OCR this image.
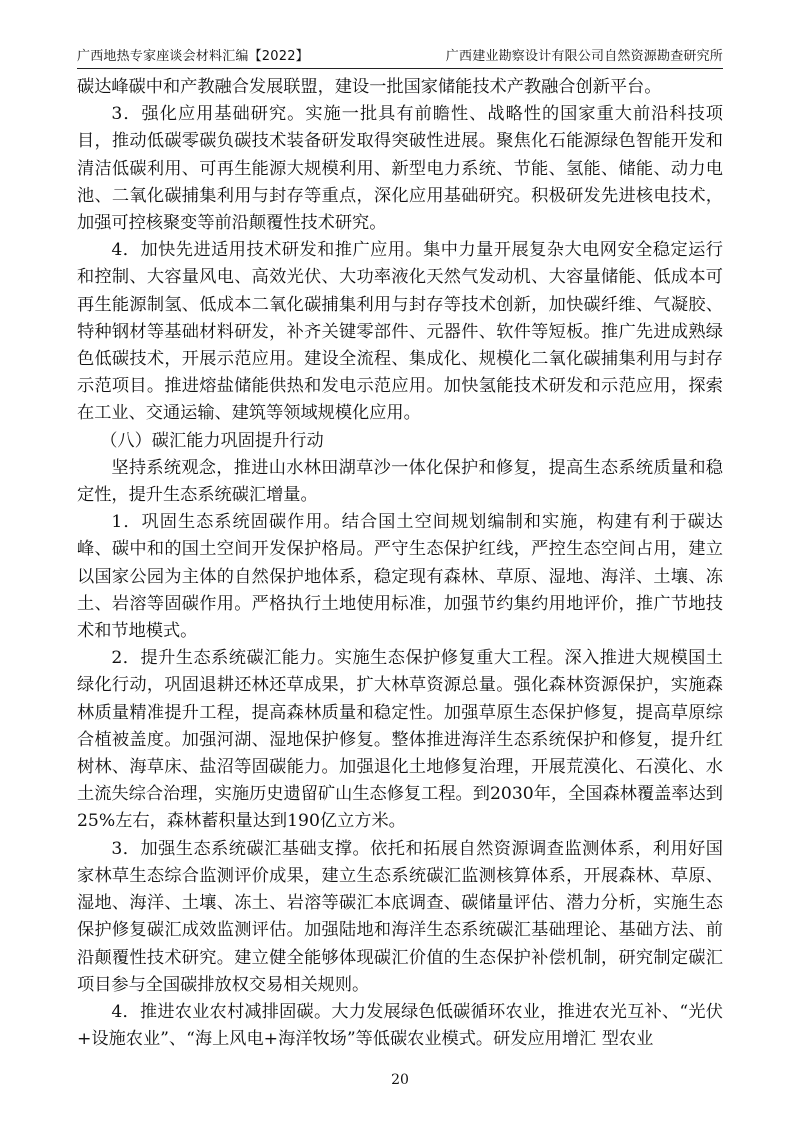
广西地热专家座谈会材料汇编【2022】	广西建业勘察设计有限公司自然资源勘查研究所

碳达峰碳中和产教融合发展联盟，建设一批国家储能技术产教融合创新平台。

3．强化应用基础研究。实施一批具有前瞻性、战略性的国家重大前沿科技项目，推动低碳零碳负碳技术装备研发取得突破性进展。聚焦化石能源绿色智能开发和清洁低碳利用、可再生能源大规模利用、新型电力系统、节能、氢能、储能、动力电池、二氧化碳捕集利用与封存等重点，深化应用基础研究。积极研发先进核电技术，加强可控核聚变等前沿颠覆性技术研究。

4．加快先进适用技术研发和推广应用。集中力量开展复杂大电网安全稳定运行和控制、大容量风电、高效光伏、大功率液化天然气发动机、大容量储能、低成本可再生能源制氢、低成本二氧化碳捕集利用与封存等技术创新，加快碳纤维、气凝胶、特种钢材等基础材料研发，补齐关键零部件、元器件、软件等短板。推广先进成熟绿色低碳技术，开展示范应用。建设全流程、集成化、规模化二氧化碳捕集利用与封存示范项目。推进熔盐储能供热和发电示范应用。加快氢能技术研发和示范应用，探索在工业、交通运输、建筑等领域规模化应用。

（八）碳汇能力巩固提升行动

坚持系统观念，推进山水林田湖草沙一体化保护和修复，提高生态系统质量和稳定性，提升生态系统碳汇增量。

1．巩固生态系统固碳作用。结合国土空间规划编制和实施，构建有利于碳达峰、碳中和的国土空间开发保护格局。严守生态保护红线，严控生态空间占用，建立以国家公园为主体的自然保护地体系，稳定现有森林、草原、湿地、海洋、土壤、冻土、岩溶等固碳作用。严格执行土地使用标准，加强节约集约用地评价，推广节地技术和节地模式。

2．提升生态系统碳汇能力。实施生态保护修复重大工程。深入推进大规模国土绿化行动，巩固退耕还林还草成果，扩大林草资源总量。强化森林资源保护，实施森林质量精准提升工程，提高森林质量和稳定性。加强草原生态保护修复，提高草原综合植被盖度。加强河湖、湿地保护修复。整体推进海洋生态系统保护和修复，提升红树林、海草床、盐沼等固碳能力。加强退化土地修复治理，开展荒漠化、石漠化、水土流失综合治理，实施历史遗留矿山生态修复工程。到2030年，全国森林覆盖率达到25%左右，森林蓄积量达到190亿立方米。

3．加强生态系统碳汇基础支撑。依托和拓展自然资源调查监测体系，利用好国家林草生态综合监测评价成果，建立生态系统碳汇监测核算体系，开展森林、草原、湿地、海洋、土壤、冻土、岩溶等碳汇本底调查、碳储量评估、潜力分析，实施生态保护修复碳汇成效监测评估。加强陆地和海洋生态系统碳汇基础理论、基础方法、前沿颠覆性技术研究。建立健全能够体现碳汇价值的生态保护补偿机制，研究制定碳汇项目参与全国碳排放权交易相关规则。

4．推进农业农村减排固碳。大力发展绿色低碳循环农业，推进农光互补、“光伏+设施农业”、“海上风电+海洋牧场”等低碳农业模式。研发应用增汇 型农业

20
